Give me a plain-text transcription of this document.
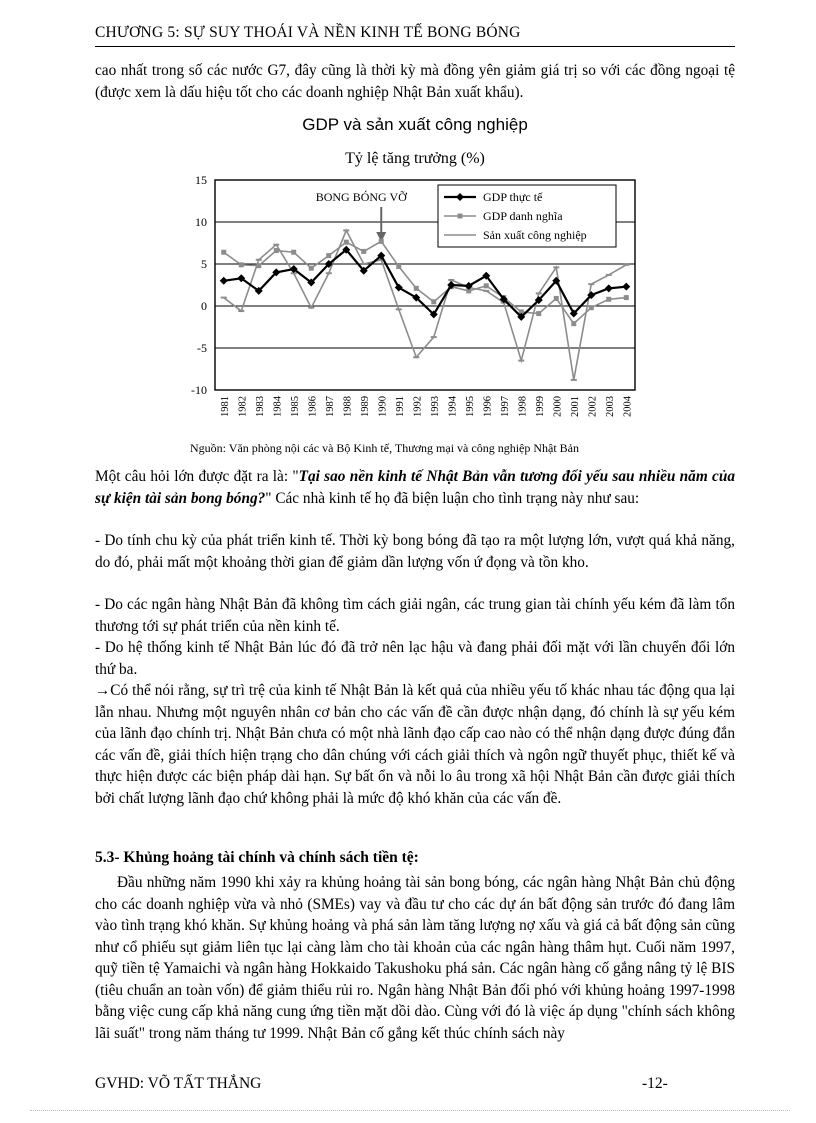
CHƯƠNG 5: SỰ SUY THOÁI VÀ NỀN KINH TẾ BONG BÓNG
cao nhất trong số các nước G7, đây cũng là thời kỳ mà đồng yên giảm giá trị so với các đồng ngoại tệ (được xem là dấu hiệu tốt cho các doanh nghiệp Nhật Bản xuất khẩu).
GDP và sản xuất công nghiệp
Tỷ lệ tăng trưởng (%)
15
10
5
0
-5
-10
1981 1982 1983 1984 1985 1986 1987 1988 1989 1990 1991 1992 1993 1994 1995 1996 1997 1998 1999 2000 2001 2002 2003 2004
BONG BÓNG VỠ	GDP thực tế
GDP danh nghĩa
Sản xuất công nghiệp
Nguồn: Văn phòng nội các và Bộ Kinh tế, Thương mại và công nghiệp Nhật Bản
Một câu hỏi lớn được đặt ra là: "Tại sao nền kinh tế Nhật Bản vẫn tương đối yếu sau nhiều năm của sự kiện tài sản bong bóng?" Các nhà kinh tế họ đã biện luận cho tình trạng này như sau:
- Do tính chu kỳ của phát triển kinh tế. Thời kỳ bong bóng đã tạo ra một lượng lớn, vượt quá khả năng, do đó, phải mất một khoảng thời gian để giảm dần lượng vốn ứ đọng và tồn kho.
- Do các ngân hàng Nhật Bản đã không tìm cách giải ngân, các trung gian tài chính yếu kém đã làm tổn thương tới sự phát triển của nền kinh tế.
- Do hệ thống kinh tế Nhật Bản lúc đó đã trở nên lạc hậu và đang phải đối mặt với lần chuyển đổi lớn thứ ba.
→Có thể nói rằng, sự trì trệ của kinh tế Nhật Bản là kết quả của nhiều yếu tố khác nhau tác động qua lại lẫn nhau. Nhưng một nguyên nhân cơ bản cho các vấn đề cần được nhận dạng, đó chính là sự yếu kém của lãnh đạo chính trị. Nhật Bản chưa có một nhà lãnh đạo cấp cao nào có thể nhận dạng được đúng đắn các vấn đề, giải thích hiện trạng cho dân chúng với cách giải thích và ngôn ngữ thuyết phục, thiết kế và thực hiện được các biện pháp dài hạn. Sự bất ổn và nỗi lo âu trong xã hội Nhật Bản cần được giải thích bởi chất lượng lãnh đạo chứ không phải là mức độ khó khăn của các vấn đề.
5.3- Khủng hoảng tài chính và chính sách tiền tệ:
Đầu những năm 1990 khi xảy ra khủng hoảng tài sản bong bóng, các ngân hàng Nhật Bản chủ động cho các doanh nghiệp vừa và nhỏ (SMEs) vay và đầu tư cho các dự án bất động sản trước đó đang lâm vào tình trạng khó khăn. Sự khủng hoảng và phá sản làm tăng lượng nợ xấu và giá cả bất động sản cũng như cổ phiếu sụt giảm liên tục lại càng làm cho tài khoản của các ngân hàng thâm hụt. Cuối năm 1997, quỹ tiền tệ Yamaichi và ngân hàng Hokkaido Takushoku phá sản. Các ngân hàng cố gắng nâng tỷ lệ BIS (tiêu chuẩn an toàn vốn) để giảm thiểu rủi ro. Ngân hàng Nhật Bản đối phó với khủng hoảng 1997-1998 bằng việc cung cấp khả năng cung ứng tiền mặt dồi dào. Cùng với đó là việc áp dụng "chính sách không lãi suất" trong năm tháng tư 1999. Nhật Bản cố gắng kết thúc chính sách này
GVHD: VÕ TẤT THẮNG	-12-
